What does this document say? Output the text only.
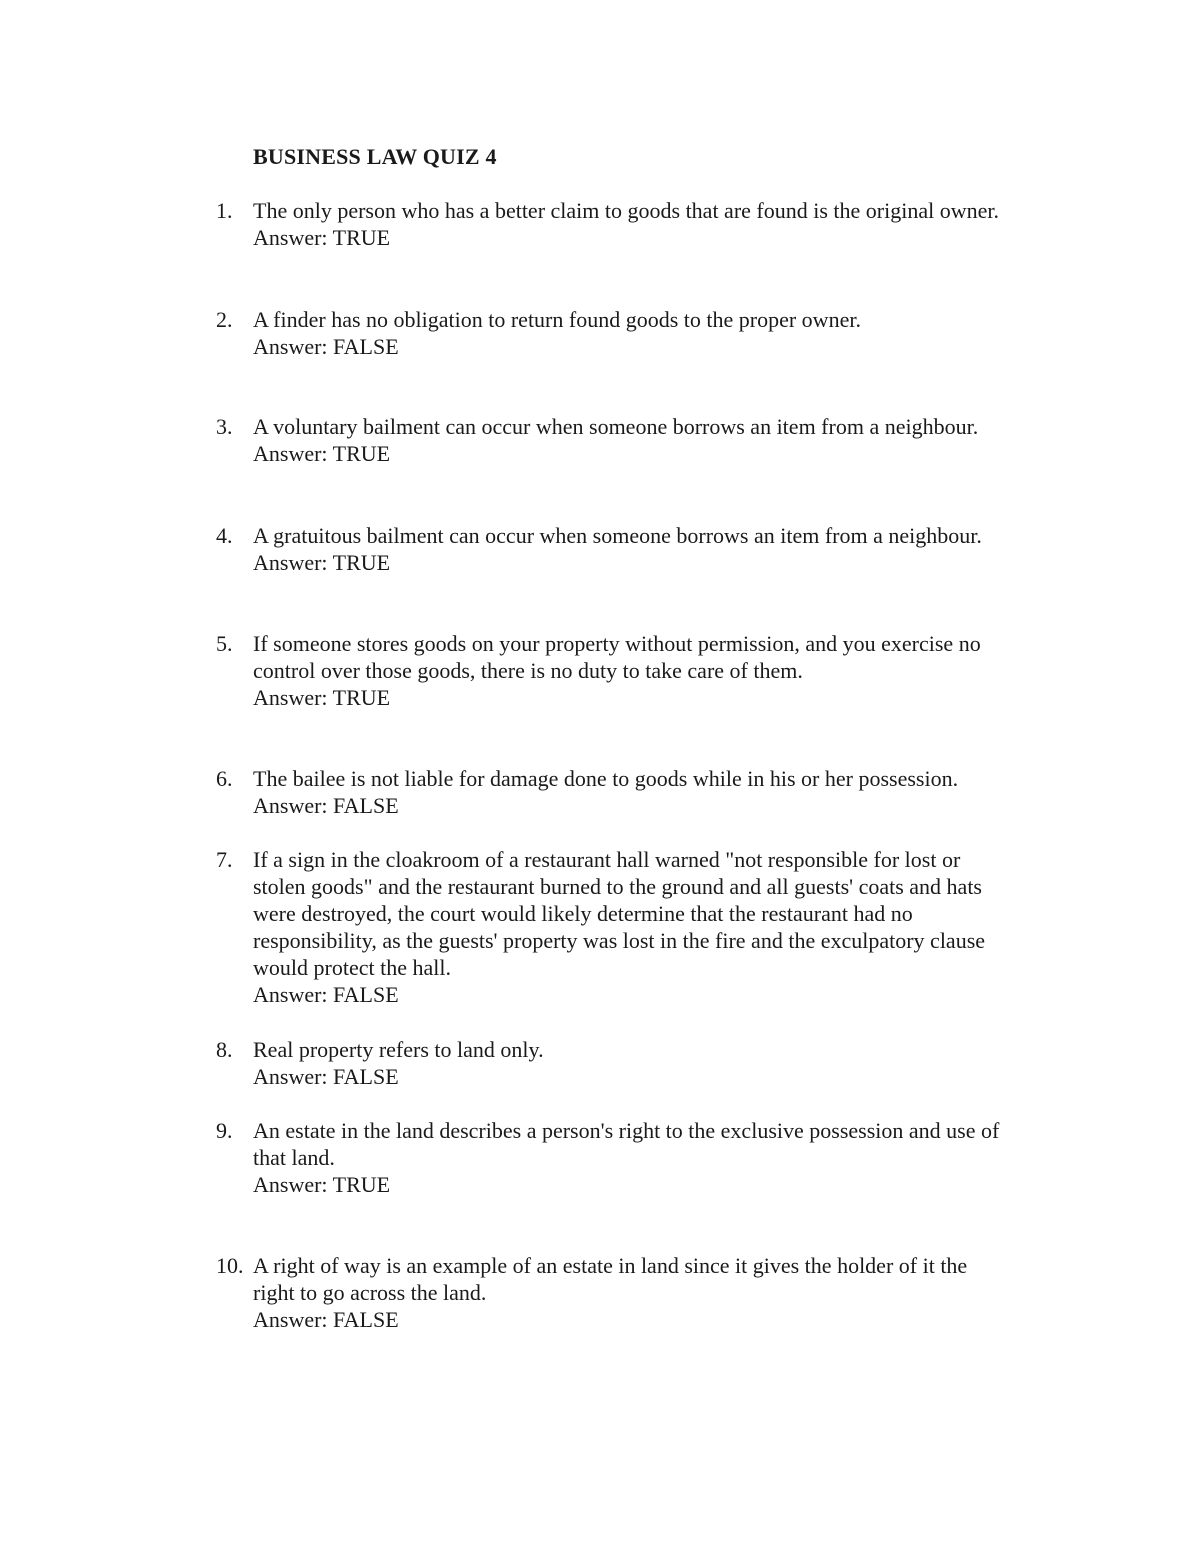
BUSINESS LAW QUIZ 4
1. The only person who has a better claim to goods that are found is the original owner.
Answer: TRUE
2. A finder has no obligation to return found goods to the proper owner.
Answer: FALSE
3. A voluntary bailment can occur when someone borrows an item from a neighbour.
Answer: TRUE
4. A gratuitous bailment can occur when someone borrows an item from a neighbour.
Answer: TRUE
5. If someone stores goods on your property without permission, and you exercise no
control over those goods, there is no duty to take care of them.
Answer: TRUE
6. The bailee is not liable for damage done to goods while in his or her possession.
Answer: FALSE
7. If a sign in the cloakroom of a restaurant hall warned "not responsible for lost or
stolen goods" and the restaurant burned to the ground and all guests' coats and hats
were destroyed, the court would likely determine that the restaurant had no
responsibility, as the guests' property was lost in the fire and the exculpatory clause
would protect the hall.
Answer: FALSE
8. Real property refers to land only.
Answer: FALSE
9. An estate in the land describes a person's right to the exclusive possession and use of
that land.
Answer: TRUE
10. A right of way is an example of an estate in land since it gives the holder of it the
right to go across the land.
Answer: FALSE
